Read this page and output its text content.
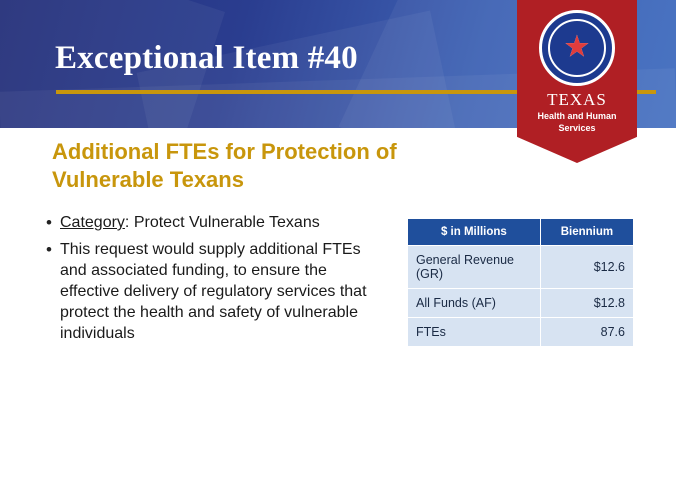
Exceptional Item #40	★
TEXAS
Health and Human
Services
Additional FTEs for Protection of
Vulnerable Texans
• Category: Protect Vulnerable Texans
• This request would supply additional FTEs and associated funding, to ensure the effective delivery of regulatory services that protect the health and safety of vulnerable individuals
$ in Millions	Biennium
General Revenue (GR)	$12.6
All Funds (AF)	$12.8
FTEs	87.6
